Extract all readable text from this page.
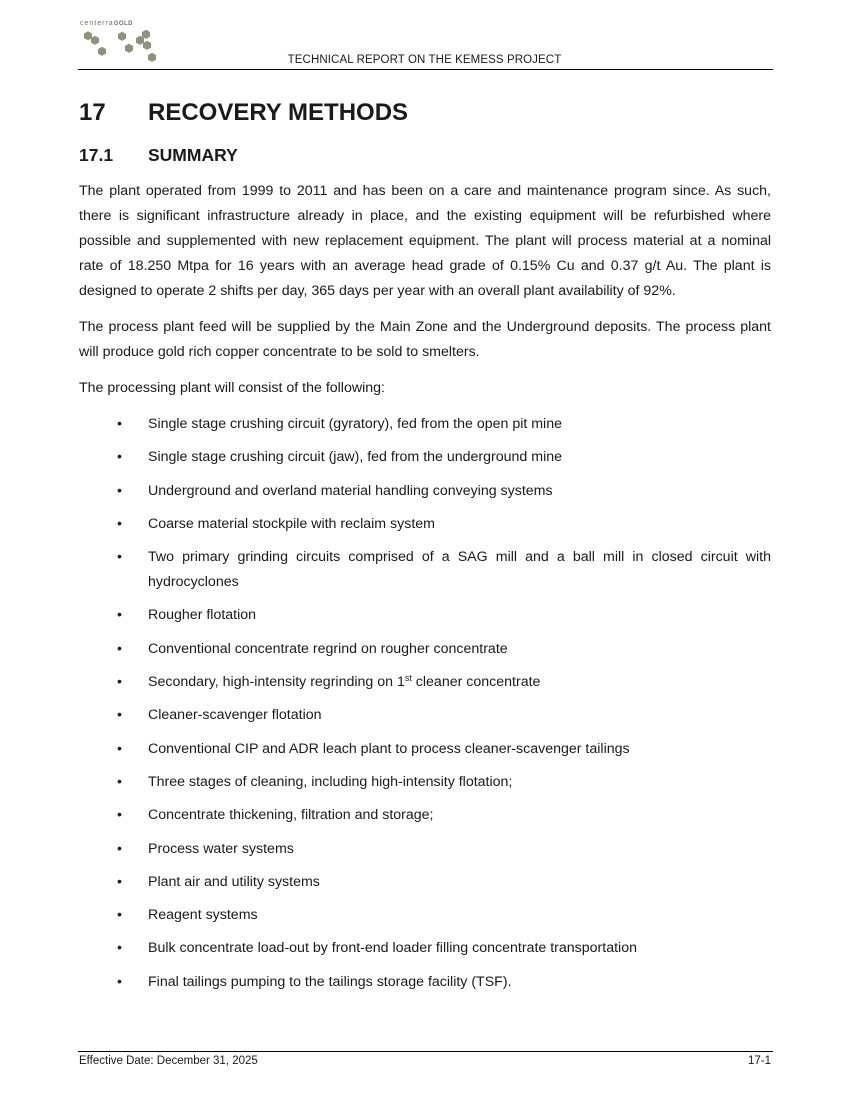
centerraGOLD
TECHNICAL REPORT ON THE KEMESS PROJECT
17	RECOVERY METHODS
17.1	SUMMARY

The plant operated from 1999 to 2011 and has been on a care and maintenance program since. As such, there is significant infrastructure already in place, and the existing equipment will be refurbished where possible and supplemented with new replacement equipment. The plant will process material at a nominal rate of 18.250 Mtpa for 16 years with an average head grade of 0.15% Cu and 0.37 g/t Au. The plant is designed to operate 2 shifts per day, 365 days per year with an overall plant availability of 92%.

The process plant feed will be supplied by the Main Zone and the Underground deposits. The process plant will produce gold rich copper concentrate to be sold to smelters.

The processing plant will consist of the following:

• Single stage crushing circuit (gyratory), fed from the open pit mine
• Single stage crushing circuit (jaw), fed from the underground mine
• Underground and overland material handling conveying systems
• Coarse material stockpile with reclaim system
• Two primary grinding circuits comprised of a SAG mill and a ball mill in closed circuit with hydrocyclones
• Rougher flotation
• Conventional concentrate regrind on rougher concentrate
• Secondary, high-intensity regrinding on 1st cleaner concentrate
• Cleaner-scavenger flotation
• Conventional CIP and ADR leach plant to process cleaner-scavenger tailings
• Three stages of cleaning, including high-intensity flotation;
• Concentrate thickening, filtration and storage;
• Process water systems
• Plant air and utility systems
• Reagent systems
• Bulk concentrate load-out by front-end loader filling concentrate transportation
• Final tailings pumping to the tailings storage facility (TSF).
Effective Date: December 31, 2025	17-1
